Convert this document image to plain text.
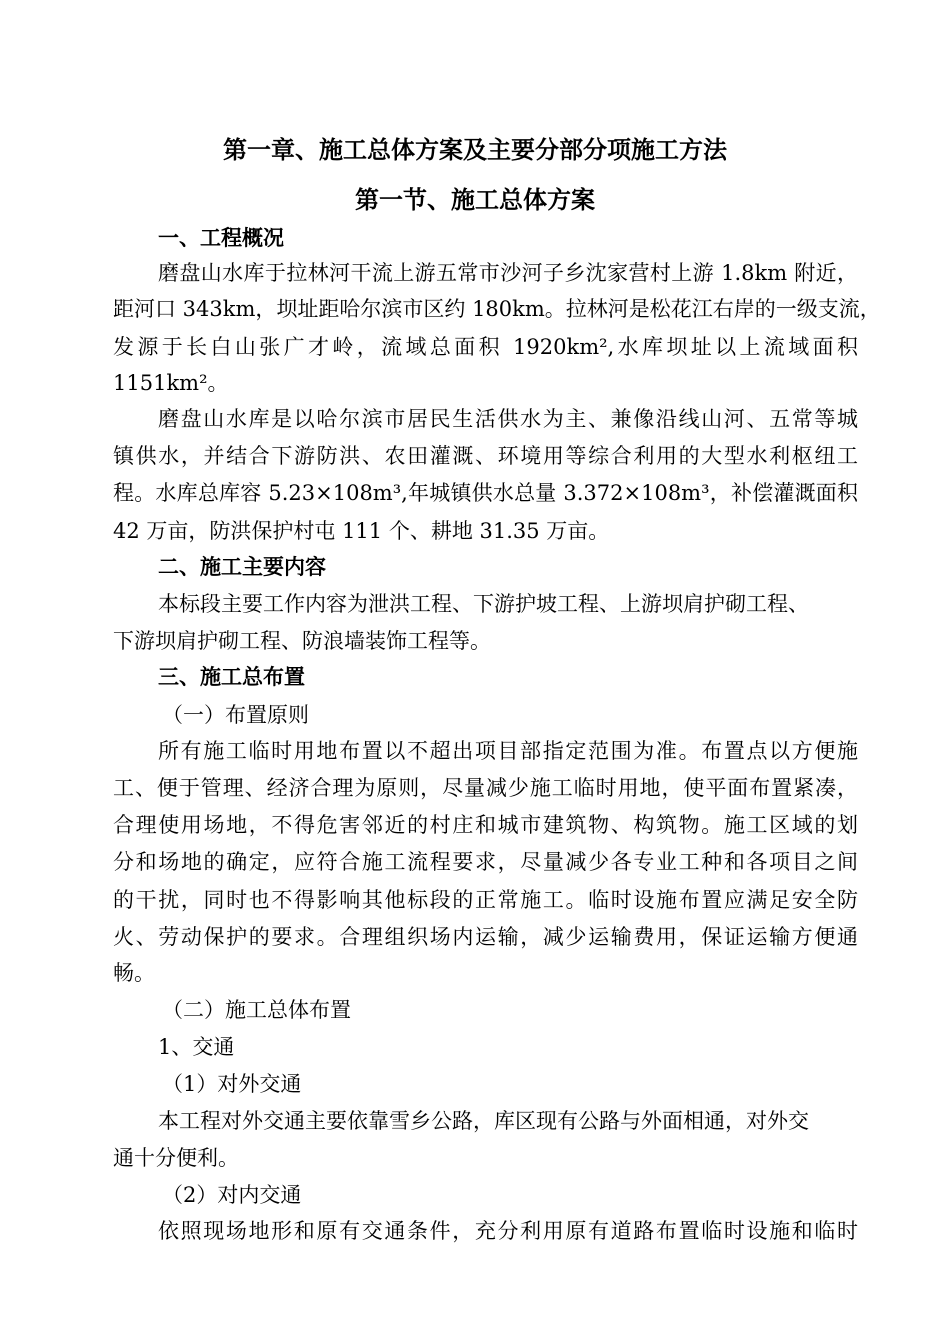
第一章、施工总体方案及主要分部分项施工方法
第一节、施工总体方案
一、工程概况
磨盘山水库于拉林河干流上游五常市沙河子乡沈家营村上游 1.8km 附近，
距河口 343km，坝址距哈尔滨市区约 180km。拉林河是松花江右岸的一级支流，
发源于长白山张广才岭，流域总面积 1920km²,水库坝址以上流域面积
1151km²。
磨盘山水库是以哈尔滨市居民生活供水为主、兼像沿线山河、五常等城
镇供水，并结合下游防洪、农田灌溉、环境用等综合利用的大型水利枢纽工
程。水库总库容 5.23×108m³,年城镇供水总量 3.372×108m³，补偿灌溉面积
42 万亩，防洪保护村屯 111 个、耕地 31.35 万亩。
二、施工主要内容
本标段主要工作内容为泄洪工程、下游护坡工程、上游坝肩护砌工程、
下游坝肩护砌工程、防浪墙装饰工程等。
三、施工总布置
（一）布置原则
所有施工临时用地布置以不超出项目部指定范围为准。布置点以方便施
工、便于管理、经济合理为原则，尽量减少施工临时用地，使平面布置紧凑，
合理使用场地，不得危害邻近的村庄和城市建筑物、构筑物。施工区域的划
分和场地的确定，应符合施工流程要求，尽量减少各专业工种和各项目之间
的干扰，同时也不得影响其他标段的正常施工。临时设施布置应满足安全防
火、劳动保护的要求。合理组织场内运输，减少运输费用，保证运输方便通
畅。
（二）施工总体布置
1、交通
（1）对外交通
本工程对外交通主要依靠雪乡公路，库区现有公路与外面相通，对外交
通十分便利。
（2）对内交通
依照现场地形和原有交通条件，充分利用原有道路布置临时设施和临时
